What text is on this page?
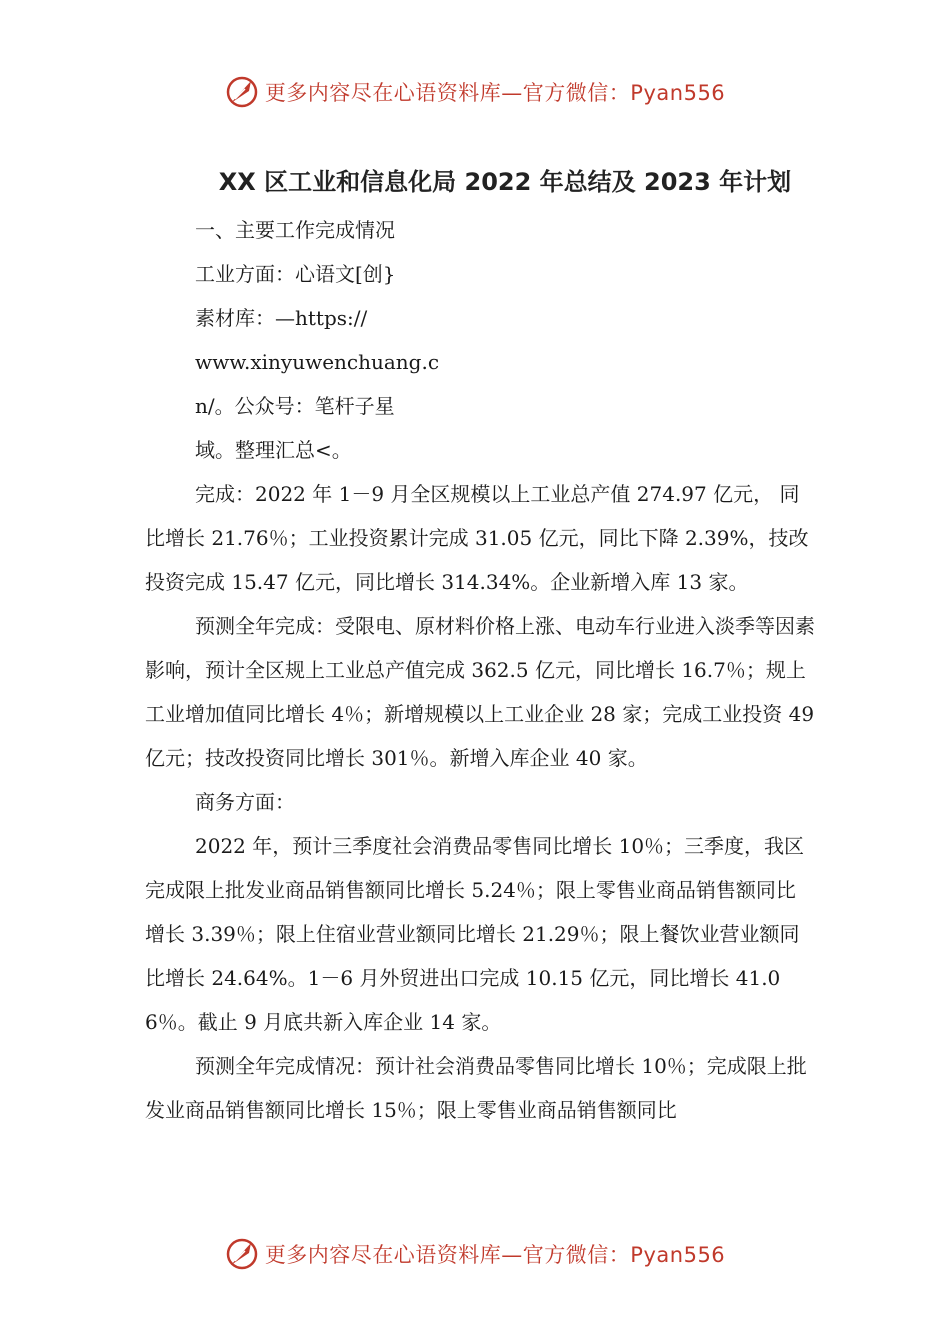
更多内容尽在心语资料库—官方微信：Pyan556
XX 区工业和信息化局 2022 年总结及 2023 年计划

一、主要工作完成情况

工业方面：心语文[创}

素材库：—https://

www.xinyuwenchuang.c

n/。公众号：笔杆子星

域。整理汇总<。

完成：2022 年 1－9 月全区规模以上工业总产值 274.97 亿元， 同比增长 21.76％；工业投资累计完成 31.05 亿元，同比下降 2.39%，技改投资完成 15.47 亿元，同比增长 314.34%。企业新增入库 13 家。

预测全年完成：受限电、原材料价格上涨、电动车行业进入淡季等因素影响，预计全区规上工业总产值完成 362.5 亿元，同比增长 16.7％；规上工业增加值同比增长 4％；新增规模以上工业企业 28 家；完成工业投资 49 亿元；技改投资同比增长 301％。新增入库企业 40 家。

商务方面：

2022 年，预计三季度社会消费品零售同比增长 10％；三季度，我区完成限上批发业商品销售额同比增长 5.24％；限上零售业商品销售额同比增长 3.39％；限上住宿业营业额同比增长 21.29％；限上餐饮业营业额同比增长 24.64%。1－6 月外贸进出口完成 10.15 亿元，同比增长 41.06％。截止 9 月底共新入库企业 14 家。

预测全年完成情况：预计社会消费品零售同比增长 10％；完成限上批发业商品销售额同比增长 15％；限上零售业商品销售额同比

更多内容尽在心语资料库—官方微信：Pyan556
